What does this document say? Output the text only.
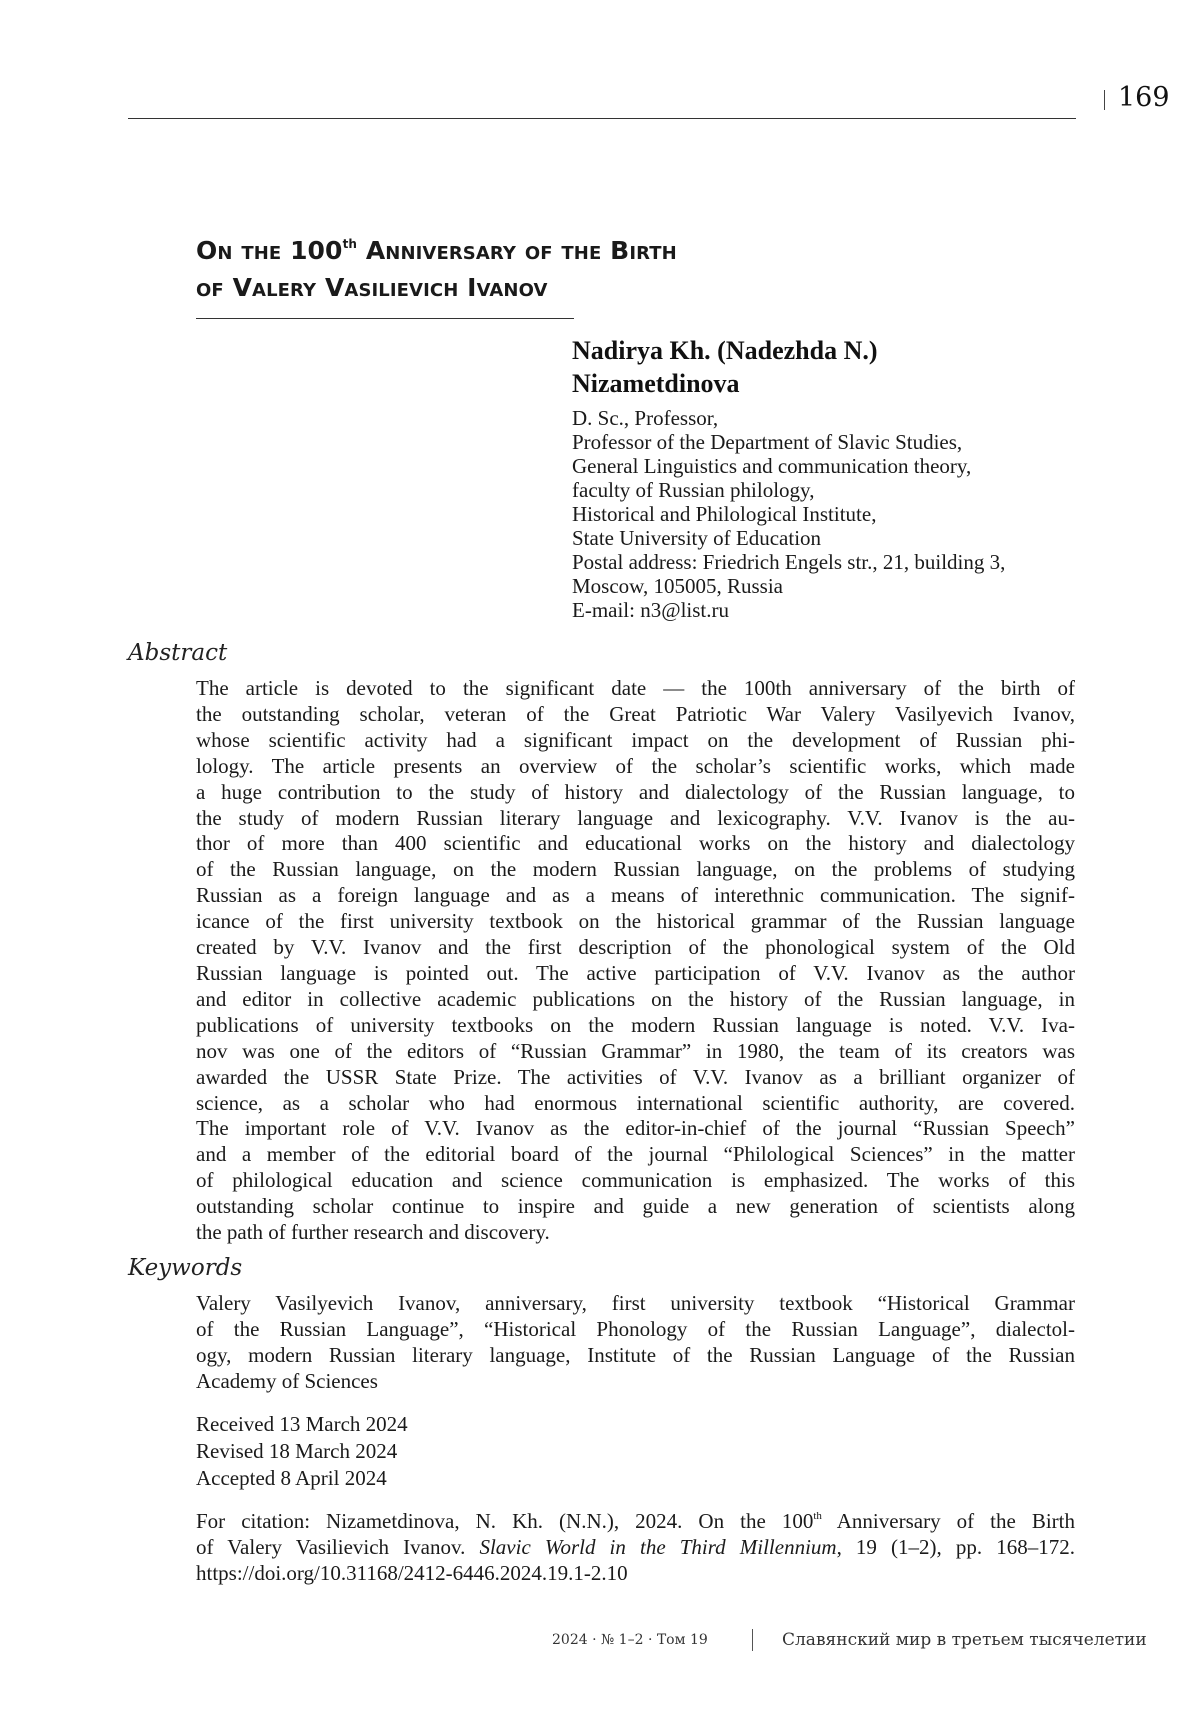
169
On the 100th Anniversary of the Birth
of Valery Vasilievich Ivanov
Nadirya Kh. (Nadezhda N.)
Nizametdinova
D. Sc., Professor,
Professor of the Department of Slavic Studies,
General Linguistics and communication theory,
faculty of Russian philology,
Historical and Philological Institute,
State University of Education
Postal address: Friedrich Engels str., 21, building 3,
Moscow, 105005, Russia
E-mail: n3@list.ru
Abstract
The article is devoted to the significant date — the 100th anniversary of the birth of
the outstanding scholar, veteran of the Great Patriotic War Valery Vasilyevich Ivanov,
whose scientific activity had a significant impact on the development of Russian phi-
lology. The article presents an overview of the scholar’s scientific works, which made
a huge contribution to the study of history and dialectology of the Russian language, to
the study of modern Russian literary language and lexicography. V.V. Ivanov is the au-
thor of more than 400 scientific and educational works on the history and dialectology
of the Russian language, on the modern Russian language, on the problems of studying
Russian as a foreign language and as a means of interethnic communication. The signif-
icance of the first university textbook on the historical grammar of the Russian language
created by V.V. Ivanov and the first description of the phonological system of the Old
Russian language is pointed out. The active participation of V.V. Ivanov as the author
and editor in collective academic publications on the history of the Russian language, in
publications of university textbooks on the modern Russian language is noted. V.V. Iva-
nov was one of the editors of “Russian Grammar” in 1980, the team of its creators was
awarded the USSR State Prize. The activities of V.V. Ivanov as a brilliant organizer of
science, as a scholar who had enormous international scientific authority, are covered.
The important role of V.V. Ivanov as the editor-in-chief of the journal “Russian Speech”
and a member of the editorial board of the journal “Philological Sciences” in the matter
of philological education and science communication is emphasized. The works of this
outstanding scholar continue to inspire and guide a new generation of scientists along
the path of further research and discovery.
Keywords
Valery Vasilyevich Ivanov, anniversary, first university textbook “Historical Grammar
of the Russian Language”, “Historical Phonology of the Russian Language”, dialectol-
ogy, modern Russian literary language, Institute of the Russian Language of the Russian
Academy of Sciences
Received 13 March 2024
Revised 18 March 2024
Accepted 8 April 2024
For citation: Nizametdinova, N. Kh. (N.N.), 2024. On the 100th Anniversary of the Birth
of Valery Vasilievich Ivanov. Slavic World in the Third Millennium, 19 (1–2), pp. 168–172.
https://doi.org/10.31168/2412-6446.2024.19.1-2.10
2024 · № 1–2 · Том 19	Славянский мир в третьем тысячелетии
